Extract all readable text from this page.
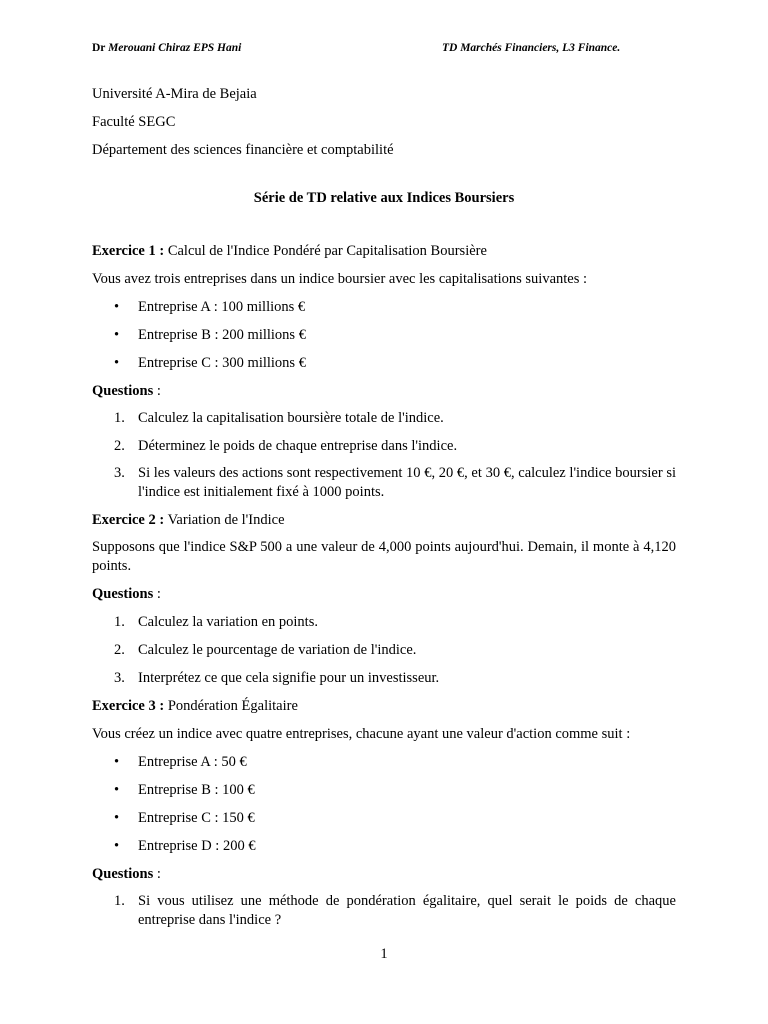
Dr Merouani Chiraz EPS Hani	TD Marchés Financiers, L3 Finance.

Université A-Mira de Bejaia

Faculté SEGC

Département des sciences financière et comptabilité

Série de TD relative aux Indices Boursiers

Exercice 1 : Calcul de l'Indice Pondéré par Capitalisation Boursière

Vous avez trois entreprises dans un indice boursier avec les capitalisations suivantes :

• Entreprise A : 100 millions €
• Entreprise B : 200 millions €
• Entreprise C : 300 millions €

Questions :

1. Calculez la capitalisation boursière totale de l'indice.
2. Déterminez le poids de chaque entreprise dans l'indice.
3. Si les valeurs des actions sont respectivement 10 €, 20 €, et 30 €, calculez l'indice boursier si l'indice est initialement fixé à 1000 points.

Exercice 2 : Variation de l'Indice

Supposons que l'indice S&P 500 a une valeur de 4,000 points aujourd'hui. Demain, il monte à 4,120 points.

Questions :

1. Calculez la variation en points.
2. Calculez le pourcentage de variation de l'indice.
3. Interprétez ce que cela signifie pour un investisseur.

Exercice 3 : Pondération Égalitaire

Vous créez un indice avec quatre entreprises, chacune ayant une valeur d'action comme suit :

• Entreprise A : 50 €
• Entreprise B : 100 €
• Entreprise C : 150 €
• Entreprise D : 200 €

Questions :

1. Si vous utilisez une méthode de pondération égalitaire, quel serait le poids de chaque entreprise dans l'indice ?
1
